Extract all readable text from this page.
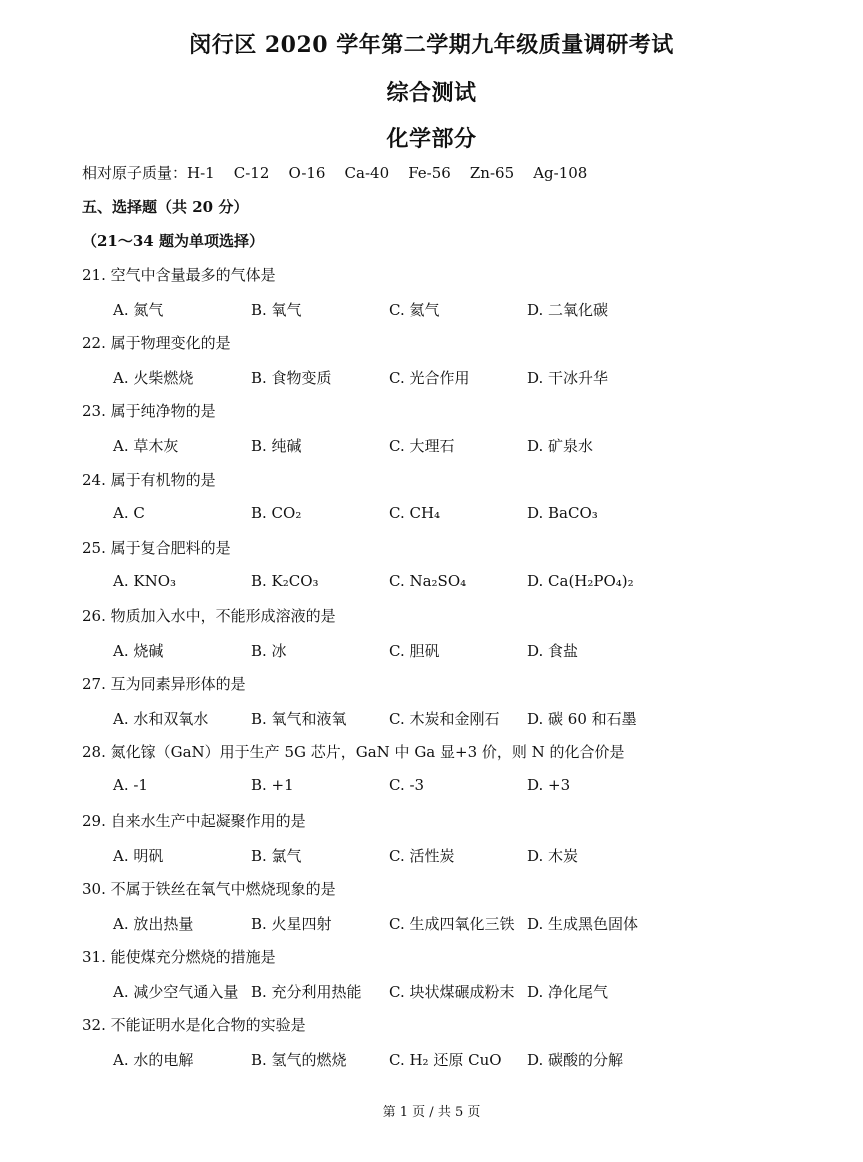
闵行区 2020 学年第二学期九年级质量调研考试
综合测试
化学部分
相对原子质量：H-1    C-12    O-16    Ca-40    Fe-56    Zn-65    Ag-108
五、选择题（共 20 分）
（21～34 题为单项选择）
21. 空气中含量最多的气体是
A. 氮气	B. 氧气	C. 氦气	D. 二氧化碳
22. 属于物理变化的是
A. 火柴燃烧	B. 食物变质	C. 光合作用	D. 干冰升华
23. 属于纯净物的是
A. 草木灰	B. 纯碱	C. 大理石	D. 矿泉水
24. 属于有机物的是
A. C	B. CO₂	C. CH₄	D. BaCO₃
25. 属于复合肥料的是
A. KNO₃	B. K₂CO₃	C. Na₂SO₄	D. Ca(H₂PO₄)₂
26. 物质加入水中，不能形成溶液的是
A. 烧碱	B. 冰	C. 胆矾	D. 食盐
27. 互为同素异形体的是
A. 水和双氧水	B. 氧气和液氧	C. 木炭和金刚石 D. 碳 60 和石墨
28. 氮化镓（GaN）用于生产 5G 芯片，GaN 中 Ga 显+3 价，则 N 的化合价是
A. -1	B. +1	C. -3	D. +3
29. 自来水生产中起凝聚作用的是
A. 明矾	B. 氯气	C. 活性炭	D. 木炭
30. 不属于铁丝在氧气中燃烧现象的是
A. 放出热量	B. 火星四射	C. 生成四氧化三铁 D. 生成黑色固体
31. 能使煤充分燃烧的措施是
A. 减少空气通入量 B. 充分利用热能 C. 块状煤碾成粉末 D. 净化尾气
32. 不能证明水是化合物的实验是
A. 水的电解	B. 氢气的燃烧	C. H₂ 还原 CuO D. 碳酸的分解
第 1 页 / 共 5 页
